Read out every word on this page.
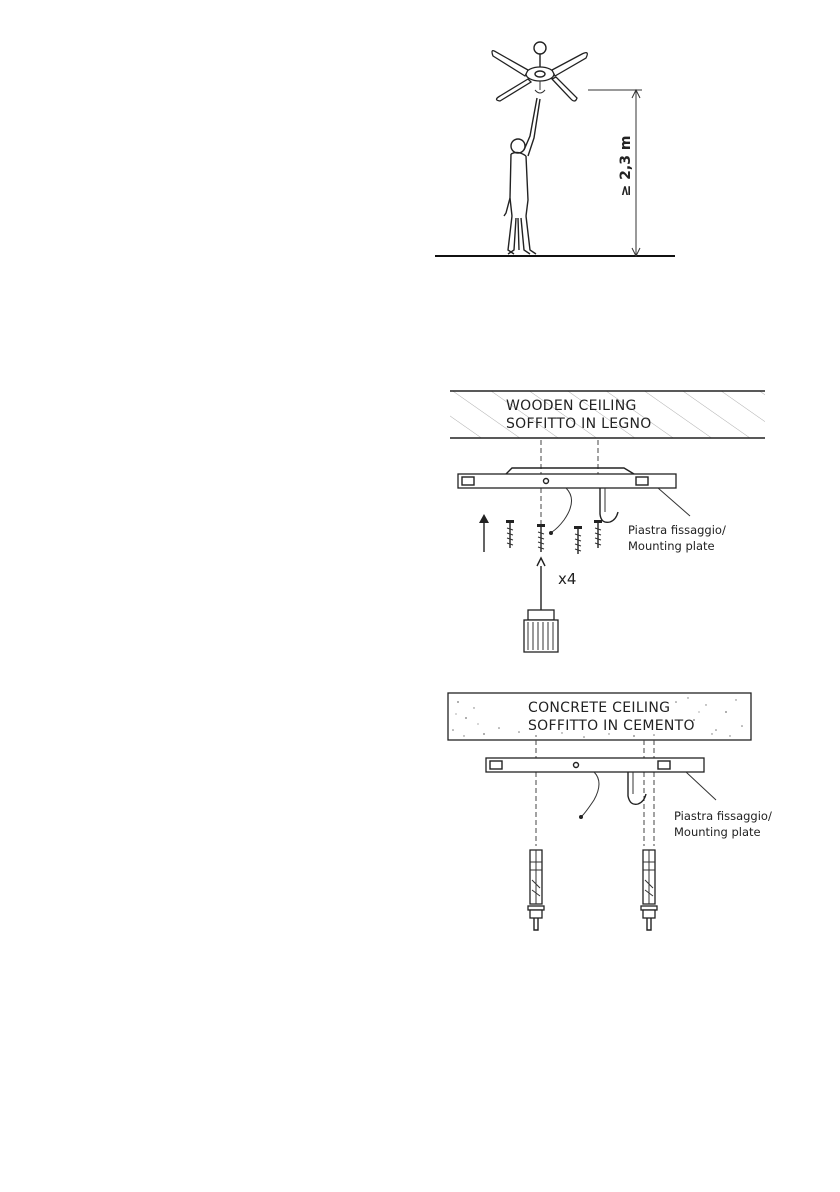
≥ 2,3 m
WOODEN CEILING
SOFFITTO IN LEGNO
x4
Piastra fissaggio/
Mounting plate
CONCRETE CEILING
SOFFITTO IN CEMENTO
Piastra fissaggio/
Mounting plate
